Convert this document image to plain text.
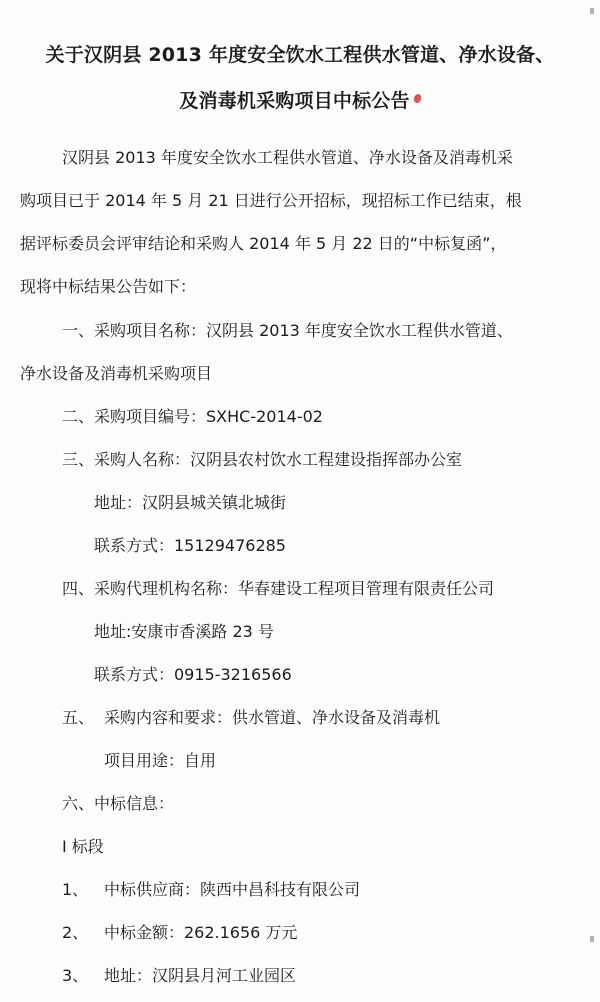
关于汉阴县 2013 年度安全饮水工程供水管道、净水设备、
及消毒机采购项目中标公告
汉阴县 2013 年度安全饮水工程供水管道、净水设备及消毒机采
购项目已于 2014 年 5 月 21 日进行公开招标，现招标工作已结束，根
据评标委员会评审结论和采购人 2014 年 5 月 22 日的“中标复函”，
现将中标结果公告如下：
一、采购项目名称：汉阴县 2013 年度安全饮水工程供水管道、
净水设备及消毒机采购项目
二、采购项目编号：SXHC-2014-02
三、采购人名称：汉阴县农村饮水工程建设指挥部办公室
地址：汉阴县城关镇北城街
联系方式：15129476285
四、采购代理机构名称：华春建设工程项目管理有限责任公司
地址:安康市香溪路 23 号
联系方式：0915-3216566
五、 采购内容和要求：供水管道、净水设备及消毒机
项目用途：自用
六、中标信息：
I 标段
1、 中标供应商：陕西中昌科技有限公司
2、 中标金额：262.1656 万元
3、 地址：汉阴县月河工业园区
